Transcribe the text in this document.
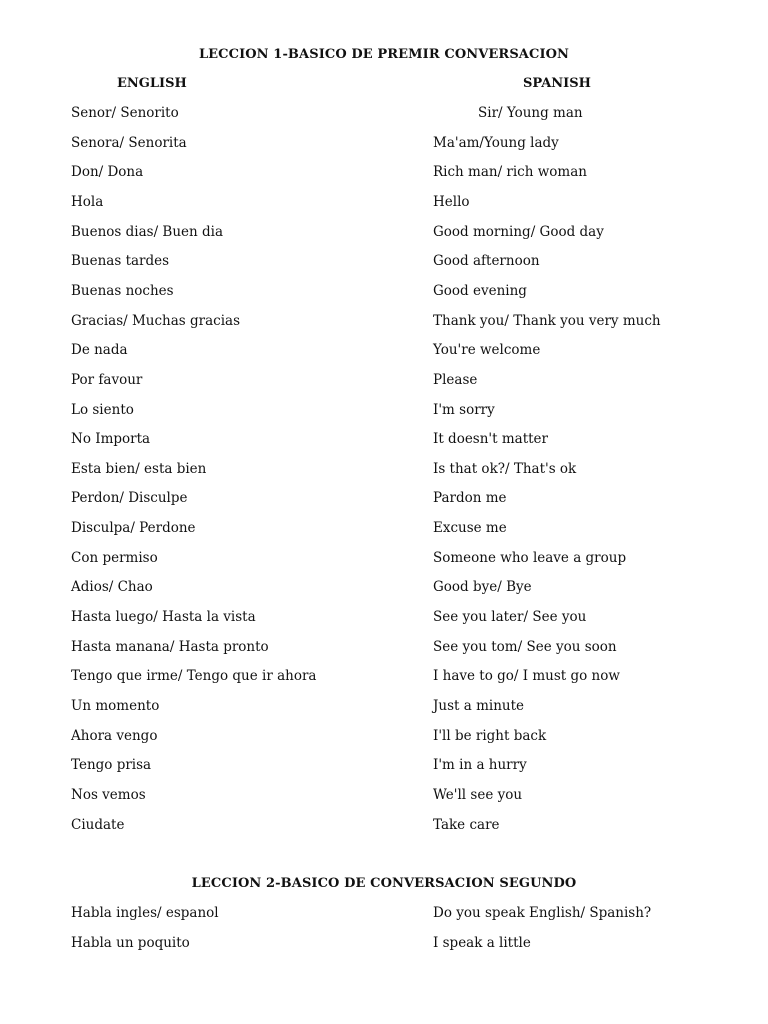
LECCION 1-BASICO DE PREMIR CONVERSACION
ENGLISH	SPANISH
Senor/ Senorito	Sir/ Young man
Senora/ Senorita	Ma'am/Young lady
Don/ Dona	Rich man/ rich woman
Hola	Hello
Buenos dias/ Buen dia	Good morning/ Good day
Buenas tardes	Good afternoon
Buenas noches	Good evening
Gracias/ Muchas gracias	Thank you/ Thank you very much
De nada	You're welcome
Por favour	Please
Lo siento	I'm sorry
No Importa	It doesn't matter
Esta bien/ esta bien	Is that ok?/ That's ok
Perdon/ Disculpe	Pardon me
Disculpa/ Perdone	Excuse me
Con permiso	Someone who leave a group
Adios/ Chao	Good bye/ Bye
Hasta luego/ Hasta la vista	See you later/ See you
Hasta manana/ Hasta pronto	See you tom/ See you soon
Tengo que irme/ Tengo que ir ahora	I have to go/ I must go now
Un momento	Just a minute
Ahora vengo	I'll be right back
Tengo prisa	I'm in a hurry
Nos vemos	We'll see you
Ciudate	Take care
LECCION 2-BASICO DE CONVERSACION SEGUNDO
Habla ingles/ espanol	Do you speak English/ Spanish?
Habla un poquito	I speak a little
